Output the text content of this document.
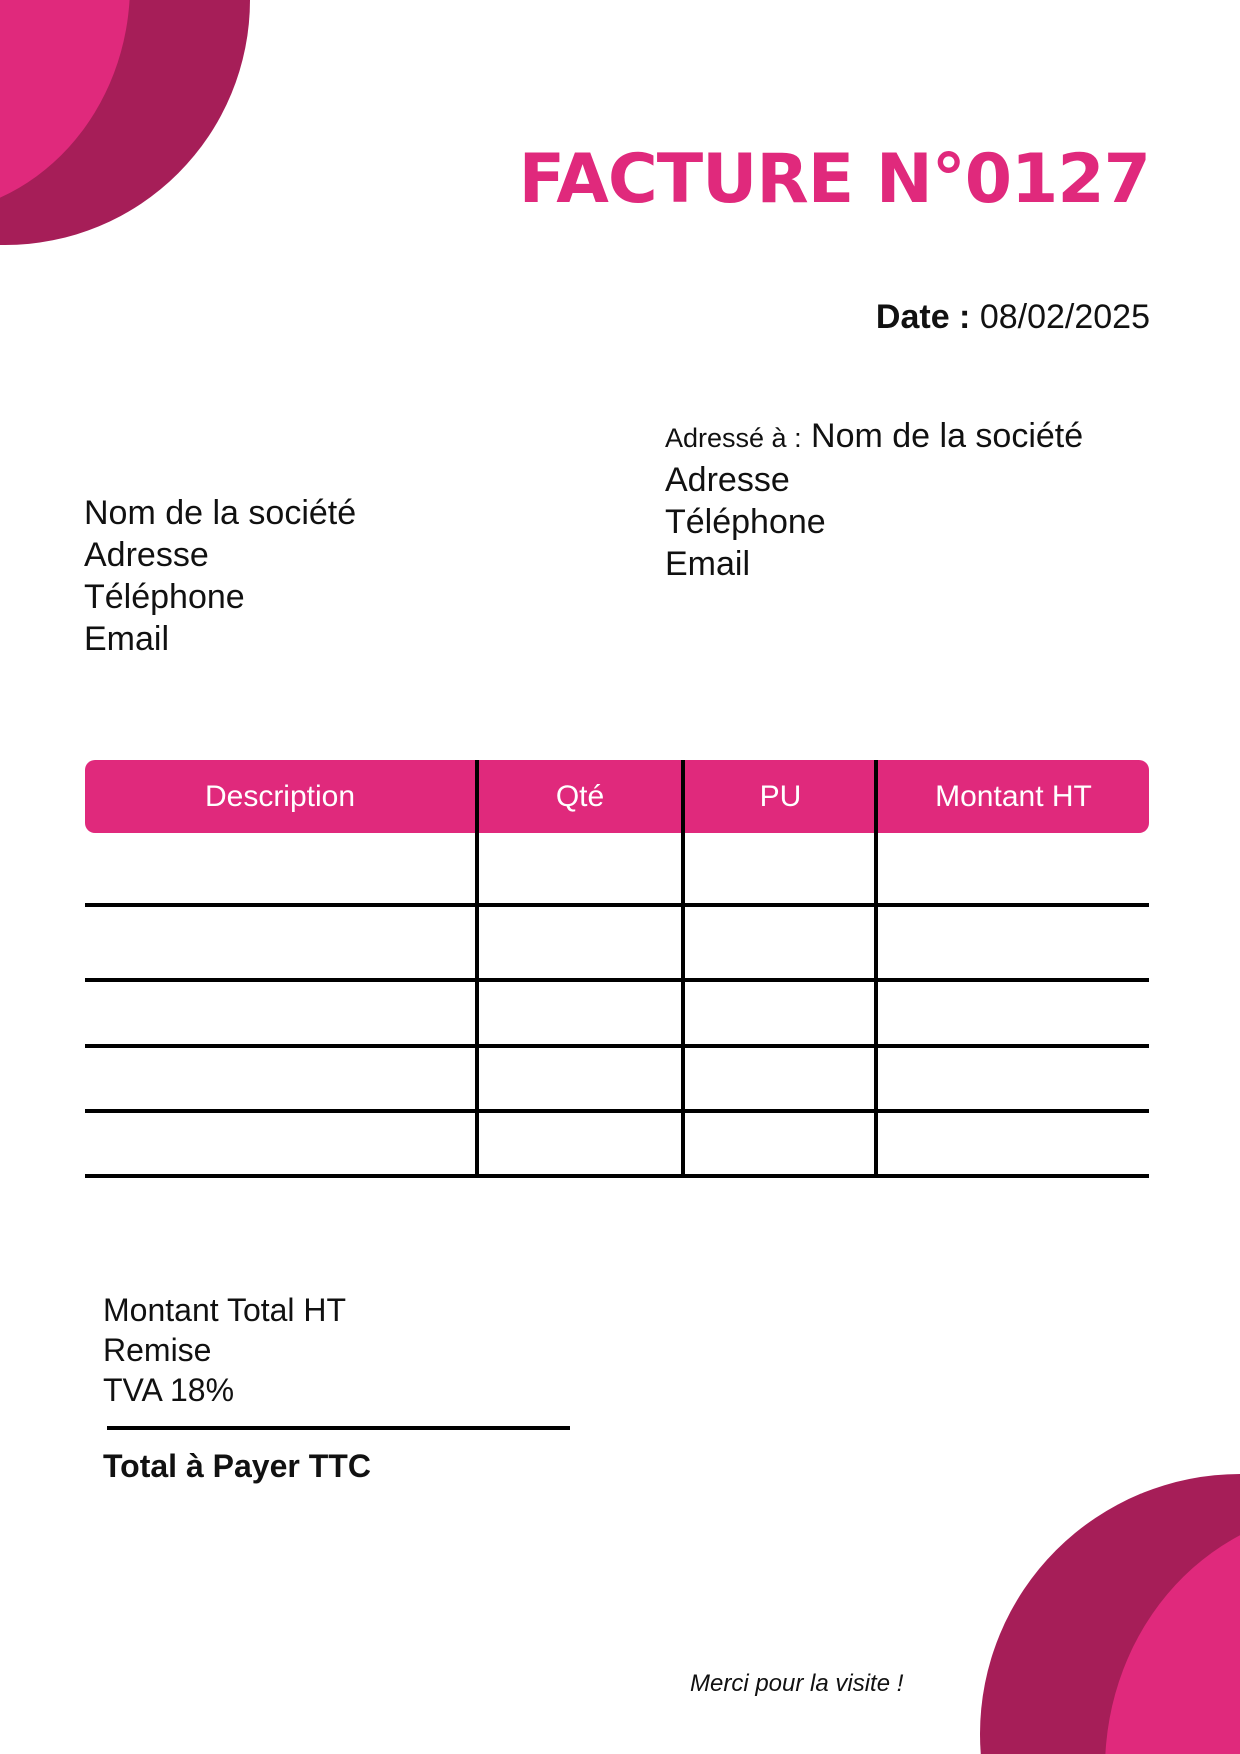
FACTURE N°0127
Date : 08/02/2025
Adressé à : Nom de la société
Adresse
Téléphone
Email
Nom de la société
Adresse
Téléphone
Email
Description	Qté	PU	Montant HT
Montant Total HT
Remise
TVA 18%
Total à Payer TTC
Merci pour la visite !
